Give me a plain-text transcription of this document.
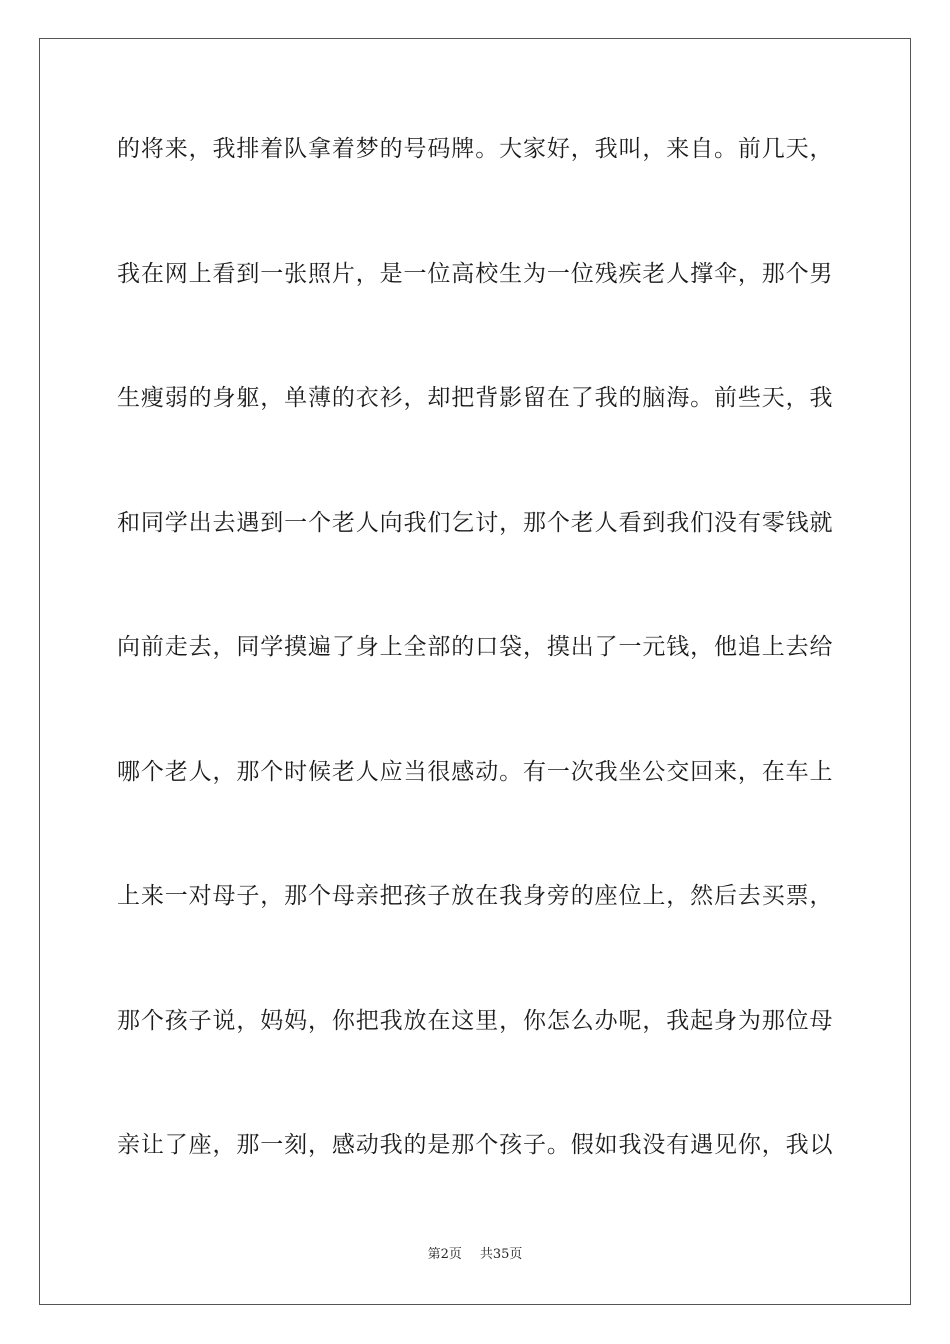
的将来，我排着队拿着梦的号码牌。大家好，我叫，来自。前几天，
我在网上看到一张照片，是一位高校生为一位残疾老人撑伞，那个男
生瘦弱的身躯，单薄的衣衫，却把背影留在了我的脑海。前些天，我
和同学出去遇到一个老人向我们乞讨，那个老人看到我们没有零钱就
向前走去，同学摸遍了身上全部的口袋，摸出了一元钱，他追上去给
哪个老人，那个时候老人应当很感动。有一次我坐公交回来，在车上
上来一对母子，那个母亲把孩子放在我身旁的座位上，然后去买票，
那个孩子说，妈妈，你把我放在这里，你怎么办呢，我起身为那位母
亲让了座，那一刻，感动我的是那个孩子。假如我没有遇见你，我以
第2页 共35页
